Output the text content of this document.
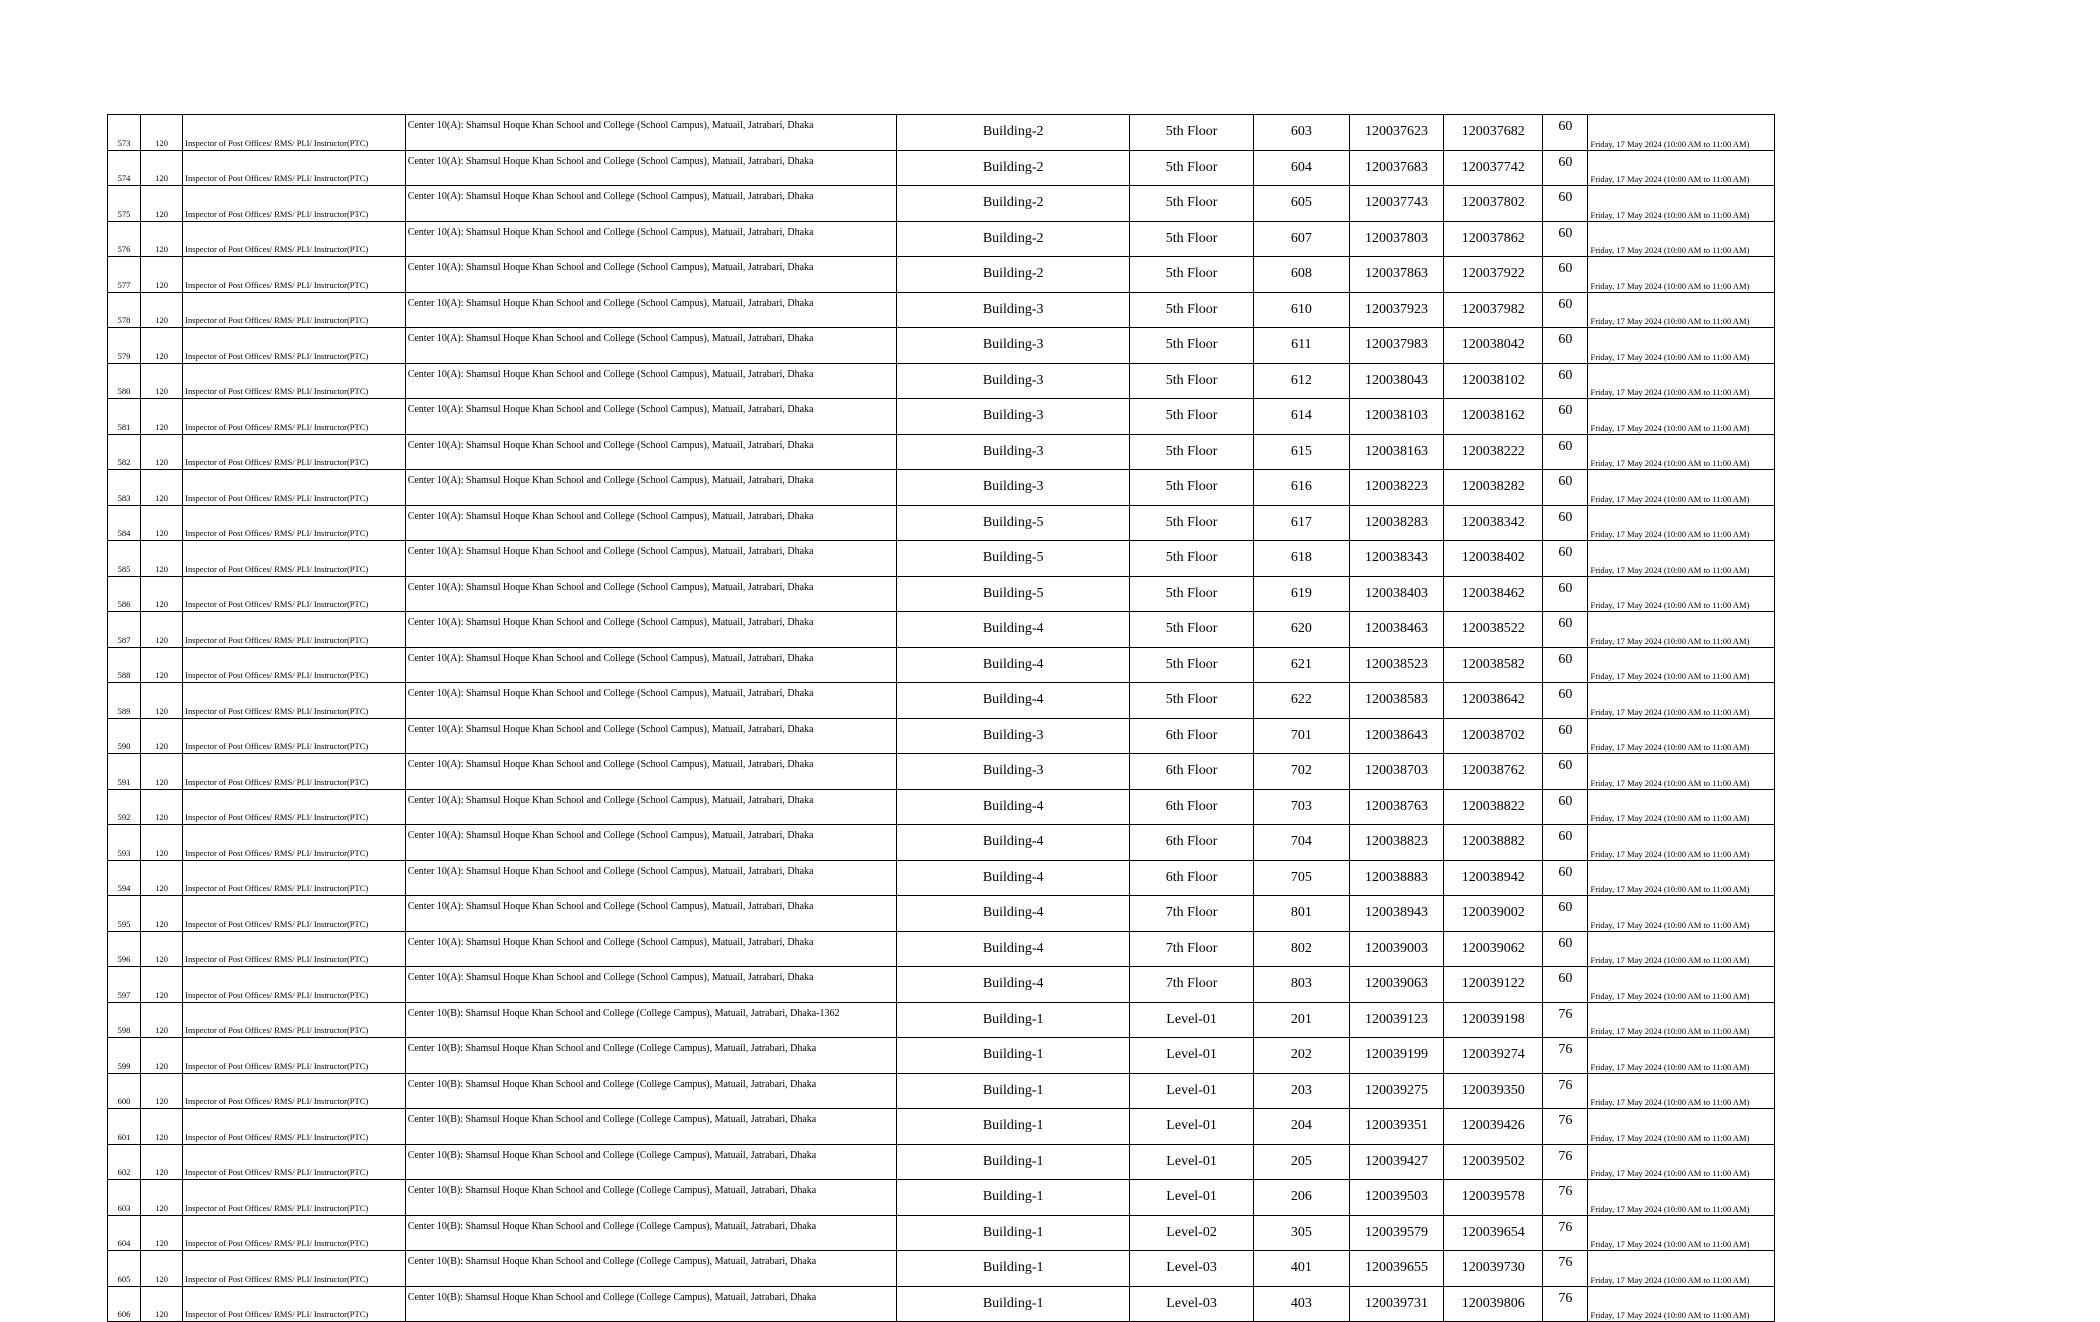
573	120	Inspector of Post Offices/ RMS/ PLI/ Instructor(PTC)	Center 10(A): Shamsul Hoque Khan School and College (School Campus), Matuail, Jatrabari, Dhaka	Building-2	5th Floor	603	120037623	120037682	60	Friday, 17 May 2024 (10:00 AM to 11:00 AM)
574	120	Inspector of Post Offices/ RMS/ PLI/ Instructor(PTC)	Center 10(A): Shamsul Hoque Khan School and College (School Campus), Matuail, Jatrabari, Dhaka	Building-2	5th Floor	604	120037683	120037742	60	Friday, 17 May 2024 (10:00 AM to 11:00 AM)
575	120	Inspector of Post Offices/ RMS/ PLI/ Instructor(PTC)	Center 10(A): Shamsul Hoque Khan School and College (School Campus), Matuail, Jatrabari, Dhaka	Building-2	5th Floor	605	120037743	120037802	60	Friday, 17 May 2024 (10:00 AM to 11:00 AM)
576	120	Inspector of Post Offices/ RMS/ PLI/ Instructor(PTC)	Center 10(A): Shamsul Hoque Khan School and College (School Campus), Matuail, Jatrabari, Dhaka	Building-2	5th Floor	607	120037803	120037862	60	Friday, 17 May 2024 (10:00 AM to 11:00 AM)
577	120	Inspector of Post Offices/ RMS/ PLI/ Instructor(PTC)	Center 10(A): Shamsul Hoque Khan School and College (School Campus), Matuail, Jatrabari, Dhaka	Building-2	5th Floor	608	120037863	120037922	60	Friday, 17 May 2024 (10:00 AM to 11:00 AM)
578	120	Inspector of Post Offices/ RMS/ PLI/ Instructor(PTC)	Center 10(A): Shamsul Hoque Khan School and College (School Campus), Matuail, Jatrabari, Dhaka	Building-3	5th Floor	610	120037923	120037982	60	Friday, 17 May 2024 (10:00 AM to 11:00 AM)
579	120	Inspector of Post Offices/ RMS/ PLI/ Instructor(PTC)	Center 10(A): Shamsul Hoque Khan School and College (School Campus), Matuail, Jatrabari, Dhaka	Building-3	5th Floor	611	120037983	120038042	60	Friday, 17 May 2024 (10:00 AM to 11:00 AM)
580	120	Inspector of Post Offices/ RMS/ PLI/ Instructor(PTC)	Center 10(A): Shamsul Hoque Khan School and College (School Campus), Matuail, Jatrabari, Dhaka	Building-3	5th Floor	612	120038043	120038102	60	Friday, 17 May 2024 (10:00 AM to 11:00 AM)
581	120	Inspector of Post Offices/ RMS/ PLI/ Instructor(PTC)	Center 10(A): Shamsul Hoque Khan School and College (School Campus), Matuail, Jatrabari, Dhaka	Building-3	5th Floor	614	120038103	120038162	60	Friday, 17 May 2024 (10:00 AM to 11:00 AM)
582	120	Inspector of Post Offices/ RMS/ PLI/ Instructor(PTC)	Center 10(A): Shamsul Hoque Khan School and College (School Campus), Matuail, Jatrabari, Dhaka	Building-3	5th Floor	615	120038163	120038222	60	Friday, 17 May 2024 (10:00 AM to 11:00 AM)
583	120	Inspector of Post Offices/ RMS/ PLI/ Instructor(PTC)	Center 10(A): Shamsul Hoque Khan School and College (School Campus), Matuail, Jatrabari, Dhaka	Building-3	5th Floor	616	120038223	120038282	60	Friday, 17 May 2024 (10:00 AM to 11:00 AM)
584	120	Inspector of Post Offices/ RMS/ PLI/ Instructor(PTC)	Center 10(A): Shamsul Hoque Khan School and College (School Campus), Matuail, Jatrabari, Dhaka	Building-5	5th Floor	617	120038283	120038342	60	Friday, 17 May 2024 (10:00 AM to 11:00 AM)
585	120	Inspector of Post Offices/ RMS/ PLI/ Instructor(PTC)	Center 10(A): Shamsul Hoque Khan School and College (School Campus), Matuail, Jatrabari, Dhaka	Building-5	5th Floor	618	120038343	120038402	60	Friday, 17 May 2024 (10:00 AM to 11:00 AM)
586	120	Inspector of Post Offices/ RMS/ PLI/ Instructor(PTC)	Center 10(A): Shamsul Hoque Khan School and College (School Campus), Matuail, Jatrabari, Dhaka	Building-5	5th Floor	619	120038403	120038462	60	Friday, 17 May 2024 (10:00 AM to 11:00 AM)
587	120	Inspector of Post Offices/ RMS/ PLI/ Instructor(PTC)	Center 10(A): Shamsul Hoque Khan School and College (School Campus), Matuail, Jatrabari, Dhaka	Building-4	5th Floor	620	120038463	120038522	60	Friday, 17 May 2024 (10:00 AM to 11:00 AM)
588	120	Inspector of Post Offices/ RMS/ PLI/ Instructor(PTC)	Center 10(A): Shamsul Hoque Khan School and College (School Campus), Matuail, Jatrabari, Dhaka	Building-4	5th Floor	621	120038523	120038582	60	Friday, 17 May 2024 (10:00 AM to 11:00 AM)
589	120	Inspector of Post Offices/ RMS/ PLI/ Instructor(PTC)	Center 10(A): Shamsul Hoque Khan School and College (School Campus), Matuail, Jatrabari, Dhaka	Building-4	5th Floor	622	120038583	120038642	60	Friday, 17 May 2024 (10:00 AM to 11:00 AM)
590	120	Inspector of Post Offices/ RMS/ PLI/ Instructor(PTC)	Center 10(A): Shamsul Hoque Khan School and College (School Campus), Matuail, Jatrabari, Dhaka	Building-3	6th Floor	701	120038643	120038702	60	Friday, 17 May 2024 (10:00 AM to 11:00 AM)
591	120	Inspector of Post Offices/ RMS/ PLI/ Instructor(PTC)	Center 10(A): Shamsul Hoque Khan School and College (School Campus), Matuail, Jatrabari, Dhaka	Building-3	6th Floor	702	120038703	120038762	60	Friday, 17 May 2024 (10:00 AM to 11:00 AM)
592	120	Inspector of Post Offices/ RMS/ PLI/ Instructor(PTC)	Center 10(A): Shamsul Hoque Khan School and College (School Campus), Matuail, Jatrabari, Dhaka	Building-4	6th Floor	703	120038763	120038822	60	Friday, 17 May 2024 (10:00 AM to 11:00 AM)
593	120	Inspector of Post Offices/ RMS/ PLI/ Instructor(PTC)	Center 10(A): Shamsul Hoque Khan School and College (School Campus), Matuail, Jatrabari, Dhaka	Building-4	6th Floor	704	120038823	120038882	60	Friday, 17 May 2024 (10:00 AM to 11:00 AM)
594	120	Inspector of Post Offices/ RMS/ PLI/ Instructor(PTC)	Center 10(A): Shamsul Hoque Khan School and College (School Campus), Matuail, Jatrabari, Dhaka	Building-4	6th Floor	705	120038883	120038942	60	Friday, 17 May 2024 (10:00 AM to 11:00 AM)
595	120	Inspector of Post Offices/ RMS/ PLI/ Instructor(PTC)	Center 10(A): Shamsul Hoque Khan School and College (School Campus), Matuail, Jatrabari, Dhaka	Building-4	7th Floor	801	120038943	120039002	60	Friday, 17 May 2024 (10:00 AM to 11:00 AM)
596	120	Inspector of Post Offices/ RMS/ PLI/ Instructor(PTC)	Center 10(A): Shamsul Hoque Khan School and College (School Campus), Matuail, Jatrabari, Dhaka	Building-4	7th Floor	802	120039003	120039062	60	Friday, 17 May 2024 (10:00 AM to 11:00 AM)
597	120	Inspector of Post Offices/ RMS/ PLI/ Instructor(PTC)	Center 10(A): Shamsul Hoque Khan School and College (School Campus), Matuail, Jatrabari, Dhaka	Building-4	7th Floor	803	120039063	120039122	60	Friday, 17 May 2024 (10:00 AM to 11:00 AM)
598	120	Inspector of Post Offices/ RMS/ PLI/ Instructor(PTC)	Center 10(B): Shamsul Hoque Khan School and College (College Campus), Matuail, Jatrabari, Dhaka-1362	Building-1	Level-01	201	120039123	120039198	76	Friday, 17 May 2024 (10:00 AM to 11:00 AM)
599	120	Inspector of Post Offices/ RMS/ PLI/ Instructor(PTC)	Center 10(B): Shamsul Hoque Khan School and College (College Campus), Matuail, Jatrabari, Dhaka	Building-1	Level-01	202	120039199	120039274	76	Friday, 17 May 2024 (10:00 AM to 11:00 AM)
600	120	Inspector of Post Offices/ RMS/ PLI/ Instructor(PTC)	Center 10(B): Shamsul Hoque Khan School and College (College Campus), Matuail, Jatrabari, Dhaka	Building-1	Level-01	203	120039275	120039350	76	Friday, 17 May 2024 (10:00 AM to 11:00 AM)
601	120	Inspector of Post Offices/ RMS/ PLI/ Instructor(PTC)	Center 10(B): Shamsul Hoque Khan School and College (College Campus), Matuail, Jatrabari, Dhaka	Building-1	Level-01	204	120039351	120039426	76	Friday, 17 May 2024 (10:00 AM to 11:00 AM)
602	120	Inspector of Post Offices/ RMS/ PLI/ Instructor(PTC)	Center 10(B): Shamsul Hoque Khan School and College (College Campus), Matuail, Jatrabari, Dhaka	Building-1	Level-01	205	120039427	120039502	76	Friday, 17 May 2024 (10:00 AM to 11:00 AM)
603	120	Inspector of Post Offices/ RMS/ PLI/ Instructor(PTC)	Center 10(B): Shamsul Hoque Khan School and College (College Campus), Matuail, Jatrabari, Dhaka	Building-1	Level-01	206	120039503	120039578	76	Friday, 17 May 2024 (10:00 AM to 11:00 AM)
604	120	Inspector of Post Offices/ RMS/ PLI/ Instructor(PTC)	Center 10(B): Shamsul Hoque Khan School and College (College Campus), Matuail, Jatrabari, Dhaka	Building-1	Level-02	305	120039579	120039654	76	Friday, 17 May 2024 (10:00 AM to 11:00 AM)
605	120	Inspector of Post Offices/ RMS/ PLI/ Instructor(PTC)	Center 10(B): Shamsul Hoque Khan School and College (College Campus), Matuail, Jatrabari, Dhaka	Building-1	Level-03	401	120039655	120039730	76	Friday, 17 May 2024 (10:00 AM to 11:00 AM)
606	120	Inspector of Post Offices/ RMS/ PLI/ Instructor(PTC)	Center 10(B): Shamsul Hoque Khan School and College (College Campus), Matuail, Jatrabari, Dhaka	Building-1	Level-03	403	120039731	120039806	76	Friday, 17 May 2024 (10:00 AM to 11:00 AM)
